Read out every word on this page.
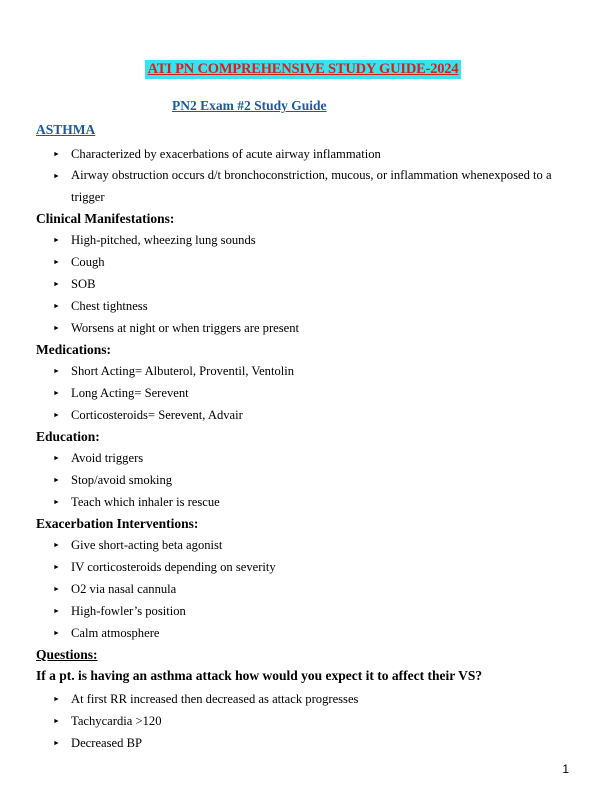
ATI PN COMPREHENSIVE STUDY GUIDE-2024
PN2 Exam #2 Study Guide
ASTHMA
► Characterized by exacerbations of acute airway inflammation
► Airway obstruction occurs d/t bronchoconstriction, mucous, or inflammation whenexposed to a trigger
Clinical Manifestations:
► High-pitched, wheezing lung sounds
► Cough
► SOB
► Chest tightness
► Worsens at night or when triggers are present
Medications:
► Short Acting= Albuterol, Proventil, Ventolin
► Long Acting= Serevent
► Corticosteroids= Serevent, Advair
Education:
► Avoid triggers
► Stop/avoid smoking
► Teach which inhaler is rescue
Exacerbation Interventions:
► Give short-acting beta agonist
► IV corticosteroids depending on severity
► O2 via nasal cannula
► High-fowler’s position
► Calm atmosphere
Questions:
If a pt. is having an asthma attack how would you expect it to affect their VS?
► At first RR increased then decreased as attack progresses
► Tachycardia >120
► Decreased BP
1
